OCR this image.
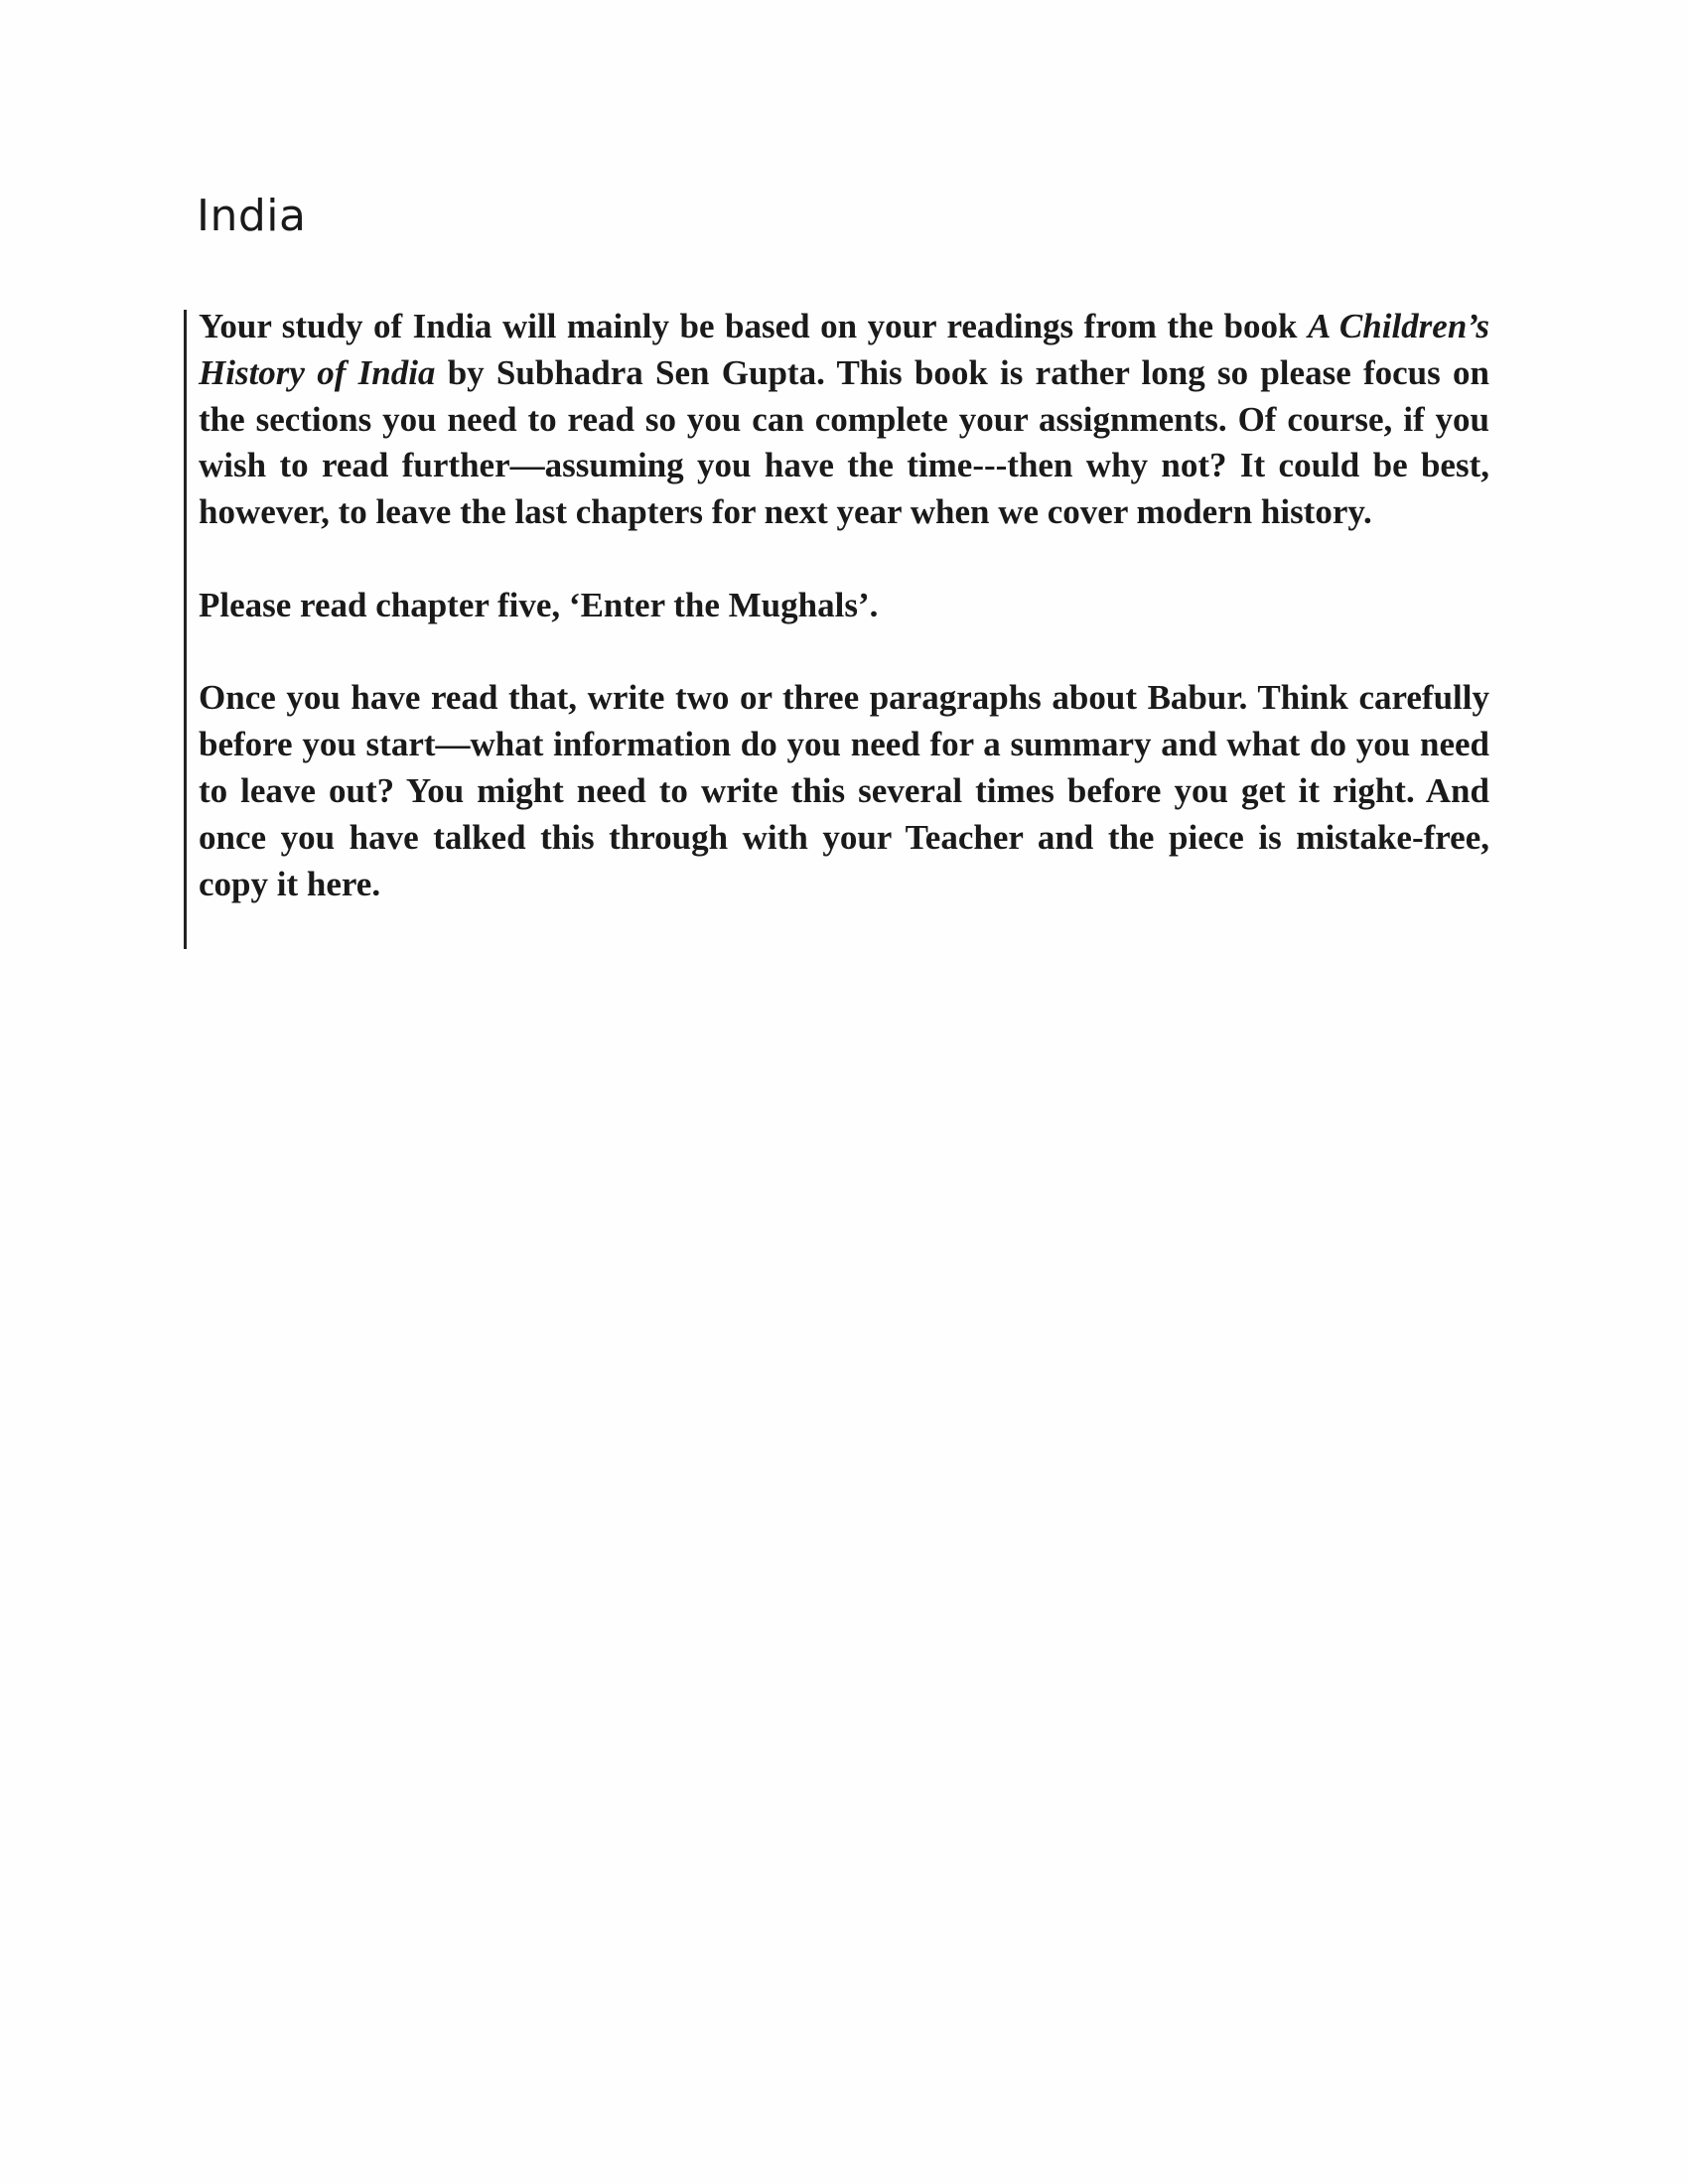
India

Your study of India will mainly be based on your readings from the book A Children’s History of India by Subhadra Sen Gupta. This book is rather long so please focus on the sections you need to read so you can complete your assignments. Of course, if you wish to read further—assuming you have the time---then why not? It could be best, however, to leave the last chapters for next year when we cover modern history.

Please read chapter five, ‘Enter the Mughals’.

Once you have read that, write two or three paragraphs about Babur. Think carefully before you start—what information do you need for a summary and what do you need to leave out? You might need to write this several times before you get it right. And once you have talked this through with your Teacher and the piece is mistake-free, copy it here.
